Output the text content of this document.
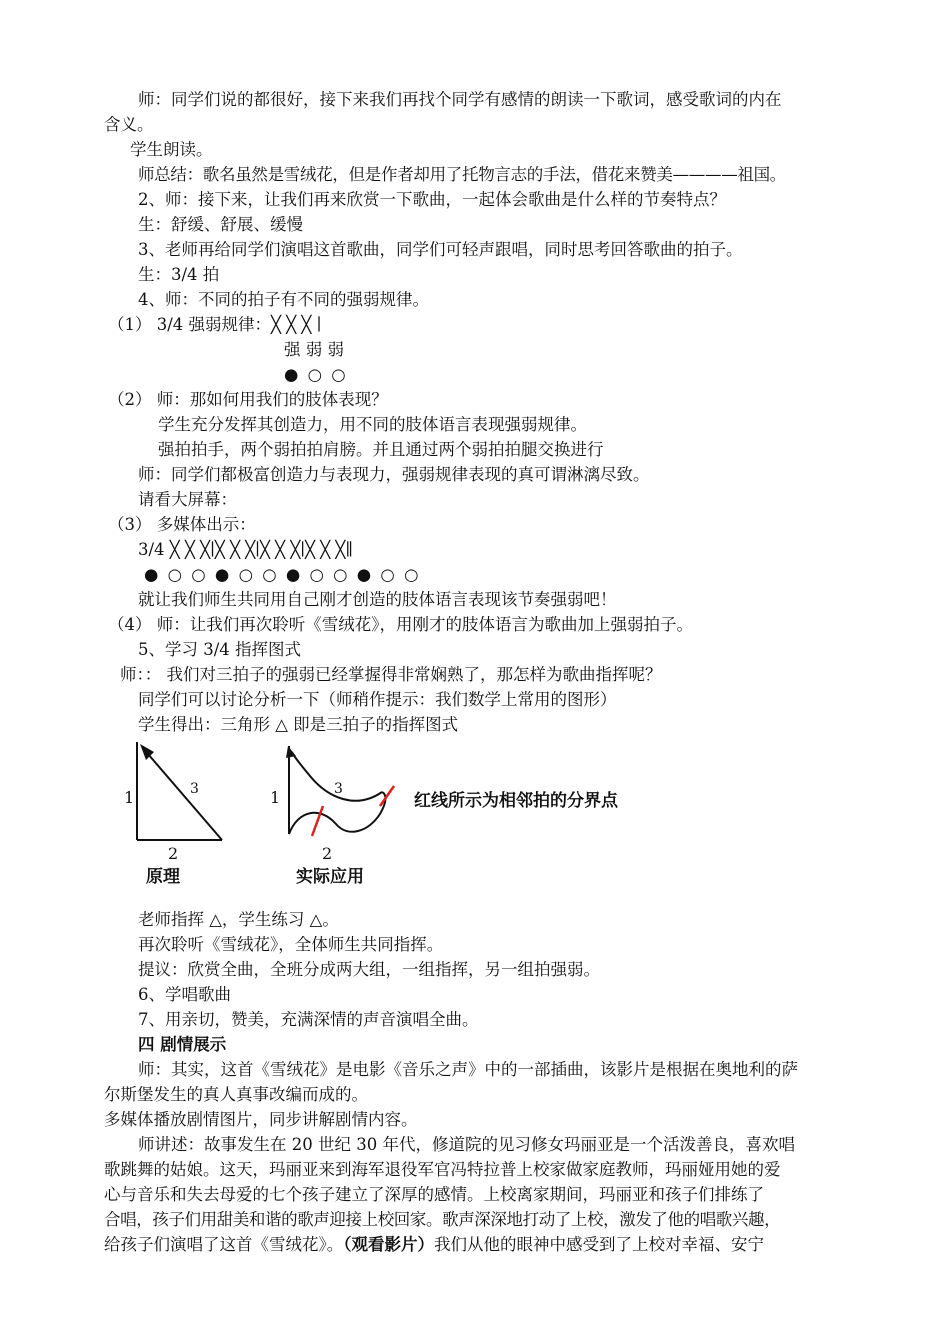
师：同学们说的都很好，接下来我们再找个同学有感情的朗读一下歌词，感受歌词的内在
含义。
学生朗读。
师总结：歌名虽然是雪绒花，但是作者却用了托物言志的手法，借花来赞美————祖国。
2、师：接下来，让我们再来欣赏一下歌曲，一起体会歌曲是什么样的节奏特点？
生：舒缓、舒展、缓慢
3、老师再给同学们演唱这首歌曲，同学们可轻声跟唱，同时思考回答歌曲的拍子。
生：3/4 拍
4、师：不同的拍子有不同的强弱规律。
（1） 3/4 强弱规律：╳ ╳ ╳ ∣
强 弱 弱
● ○ ○
（2） 师：那如何用我们的肢体表现？
学生充分发挥其创造力，用不同的肢体语言表现强弱规律。
强拍拍手，两个弱拍拍肩膀。并且通过两个弱拍拍腿交换进行
师：同学们都极富创造力与表现力，强弱规律表现的真可谓淋漓尽致。
请看大屏幕：
（3） 多媒体出示：
3/4 ╳ ╳ ╳∣╳ ╳ ╳∣╳ ╳ ╳∣╳ ╳ ╳∥
● ○ ○ ● ○ ○ ● ○ ○ ● ○ ○
就让我们师生共同用自己刚才创造的肢体语言表现该节奏强弱吧！
（4） 师：让我们再次聆听《雪绒花》，用刚才的肢体语言为歌曲加上强弱拍子。
5、学习 3/4 指挥图式
师：： 我们对三拍子的强弱已经掌握得非常娴熟了，那怎样为歌曲指挥呢？
同学们可以讨论分析一下（师稍作提示：我们数学上常用的图形）
学生得出：三角形 △ 即是三拍子的指挥图式
1	3
2
原理
1	3
2
实际应用
红线所示为相邻拍的分界点
老师指挥 △，学生练习 △。
再次聆听《雪绒花》，全体师生共同指挥。
提议：欣赏全曲，全班分成两大组，一组指挥，另一组拍强弱。
6、学唱歌曲
7、用亲切，赞美，充满深情的声音演唱全曲。
四 剧情展示
师：其实，这首《雪绒花》是电影《音乐之声》中的一部插曲，该影片是根据在奥地利的萨
尔斯堡发生的真人真事改编而成的。
多媒体播放剧情图片，同步讲解剧情内容。
师讲述：故事发生在 20 世纪 30 年代，修道院的见习修女玛丽亚是一个活泼善良，喜欢唱
歌跳舞的姑娘。这天，玛丽亚来到海军退役军官冯特拉普上校家做家庭教师，玛丽娅用她的爱
心与音乐和失去母爱的七个孩子建立了深厚的感情。上校离家期间，玛丽亚和孩子们排练了
合唱，孩子们用甜美和谐的歌声迎接上校回家。歌声深深地打动了上校，激发了他的唱歌兴趣，
给孩子们演唱了这首《雪绒花》。（观看影片）我们从他的眼神中感受到了上校对幸福、安宁
